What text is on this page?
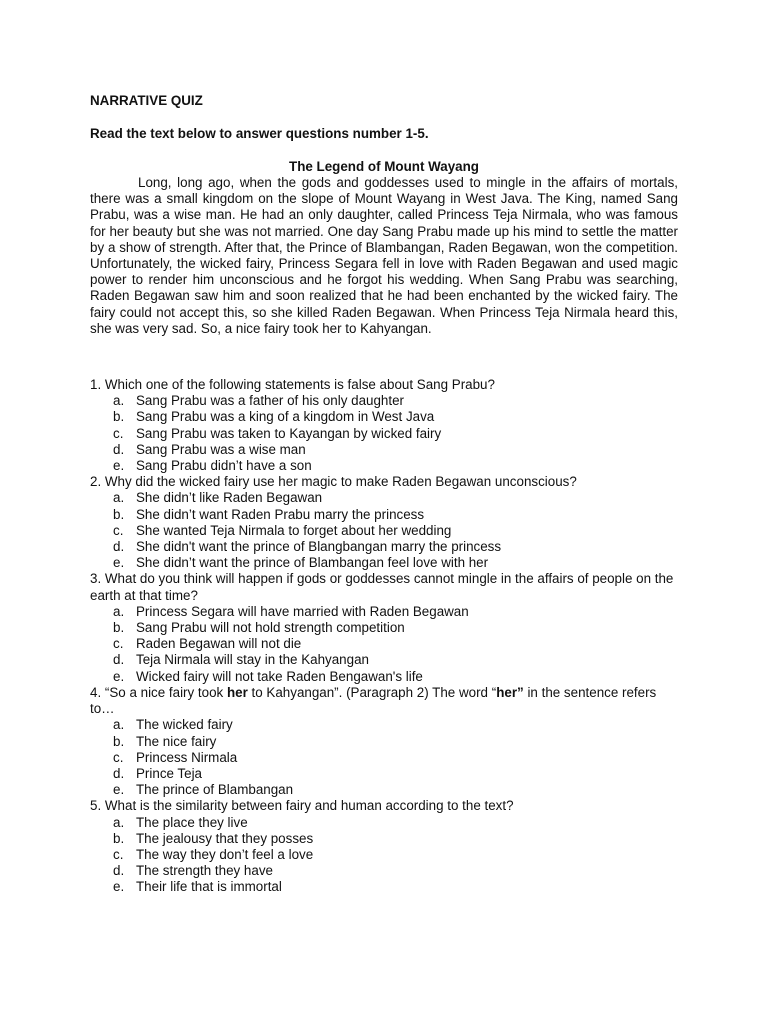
NARRATIVE QUIZ

Read the text below to answer questions number 1-5.

The Legend of Mount Wayang

Long, long ago, when the gods and goddesses used to mingle in the affairs of mortals, there was a small kingdom on the slope of Mount Wayang in West Java. The King, named Sang Prabu, was a wise man. He had an only daughter, called Princess Teja Nirmala, who was famous for her beauty but she was not married. One day Sang Prabu made up his mind to settle the matter by a show of strength. After that, the Prince of Blambangan, Raden Begawan, won the competition. Unfortunately, the wicked fairy, Princess Segara fell in love with Raden Begawan and used magic power to render him unconscious and he forgot his wedding. When Sang Prabu was searching, Raden Begawan saw him and soon realized that he had been enchanted by the wicked fairy. The fairy could not accept this, so she killed Raden Begawan. When Princess Teja Nirmala heard this, she was very sad. So, a nice fairy took her to Kahyangan.

1. Which one of the following statements is false about Sang Prabu?

a. Sang Prabu was a father of his only daughter
b. Sang Prabu was a king of a kingdom in West Java
c. Sang Prabu was taken to Kayangan by wicked fairy
d. Sang Prabu was a wise man
e. Sang Prabu didn’t have a son

2. Why did the wicked fairy use her magic to make Raden Begawan unconscious?

a. She didn’t like Raden Begawan
b. She didn’t want Raden Prabu marry the princess
c. She wanted Teja Nirmala to forget about her wedding
d. She didn't want the prince of Blangbangan marry the princess
e. She didn’t want the prince of Blambangan feel love with her

3. What do you think will happen if gods or goddesses cannot mingle in the affairs of people on the earth at that time?

a. Princess Segara will have married with Raden Begawan
b. Sang Prabu will not hold strength competition
c. Raden Begawan will not die
d. Teja Nirmala will stay in the Kahyangan
e. Wicked fairy will not take Raden Bengawan's life

4. “So a nice fairy took her to Kahyangan”. (Paragraph 2) The word “her” in the sentence refers to…

a. The wicked fairy
b. The nice fairy
c. Princess Nirmala
d. Prince Teja
e. The prince of Blambangan

5. What is the similarity between fairy and human according to the text?

a. The place they live
b. The jealousy that they posses
c. The way they don’t feel a love
d. The strength they have
e. Their life that is immortal
